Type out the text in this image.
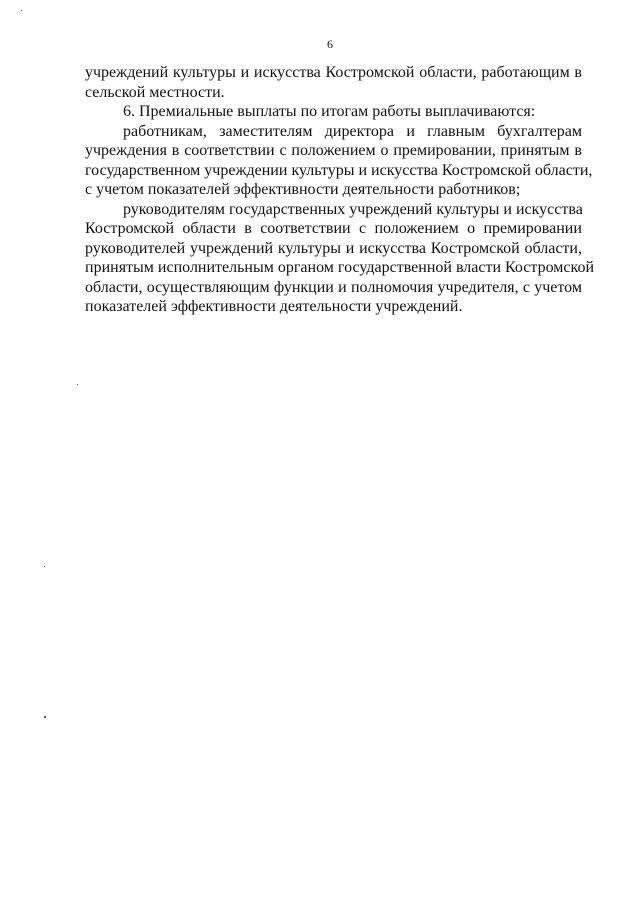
6
учреждений культуры и искусства Костромской области, работающим в
сельской местности.
6. Премиальные выплаты по итогам работы выплачиваются:
работникам, заместителям директора и главным бухгалтерам
учреждения в соответствии с положением о премировании, принятым в
государственном учреждении культуры и искусства Костромской области,
с учетом показателей эффективности деятельности работников;
руководителям государственных учреждений культуры и искусства
Костромской области в соответствии с положением о премировании
руководителей учреждений культуры и искусства Костромской области,
принятым исполнительным органом государственной власти Костромской
области, осуществляющим функции и полномочия учредителя, с учетом
показателей эффективности деятельности учреждений.
